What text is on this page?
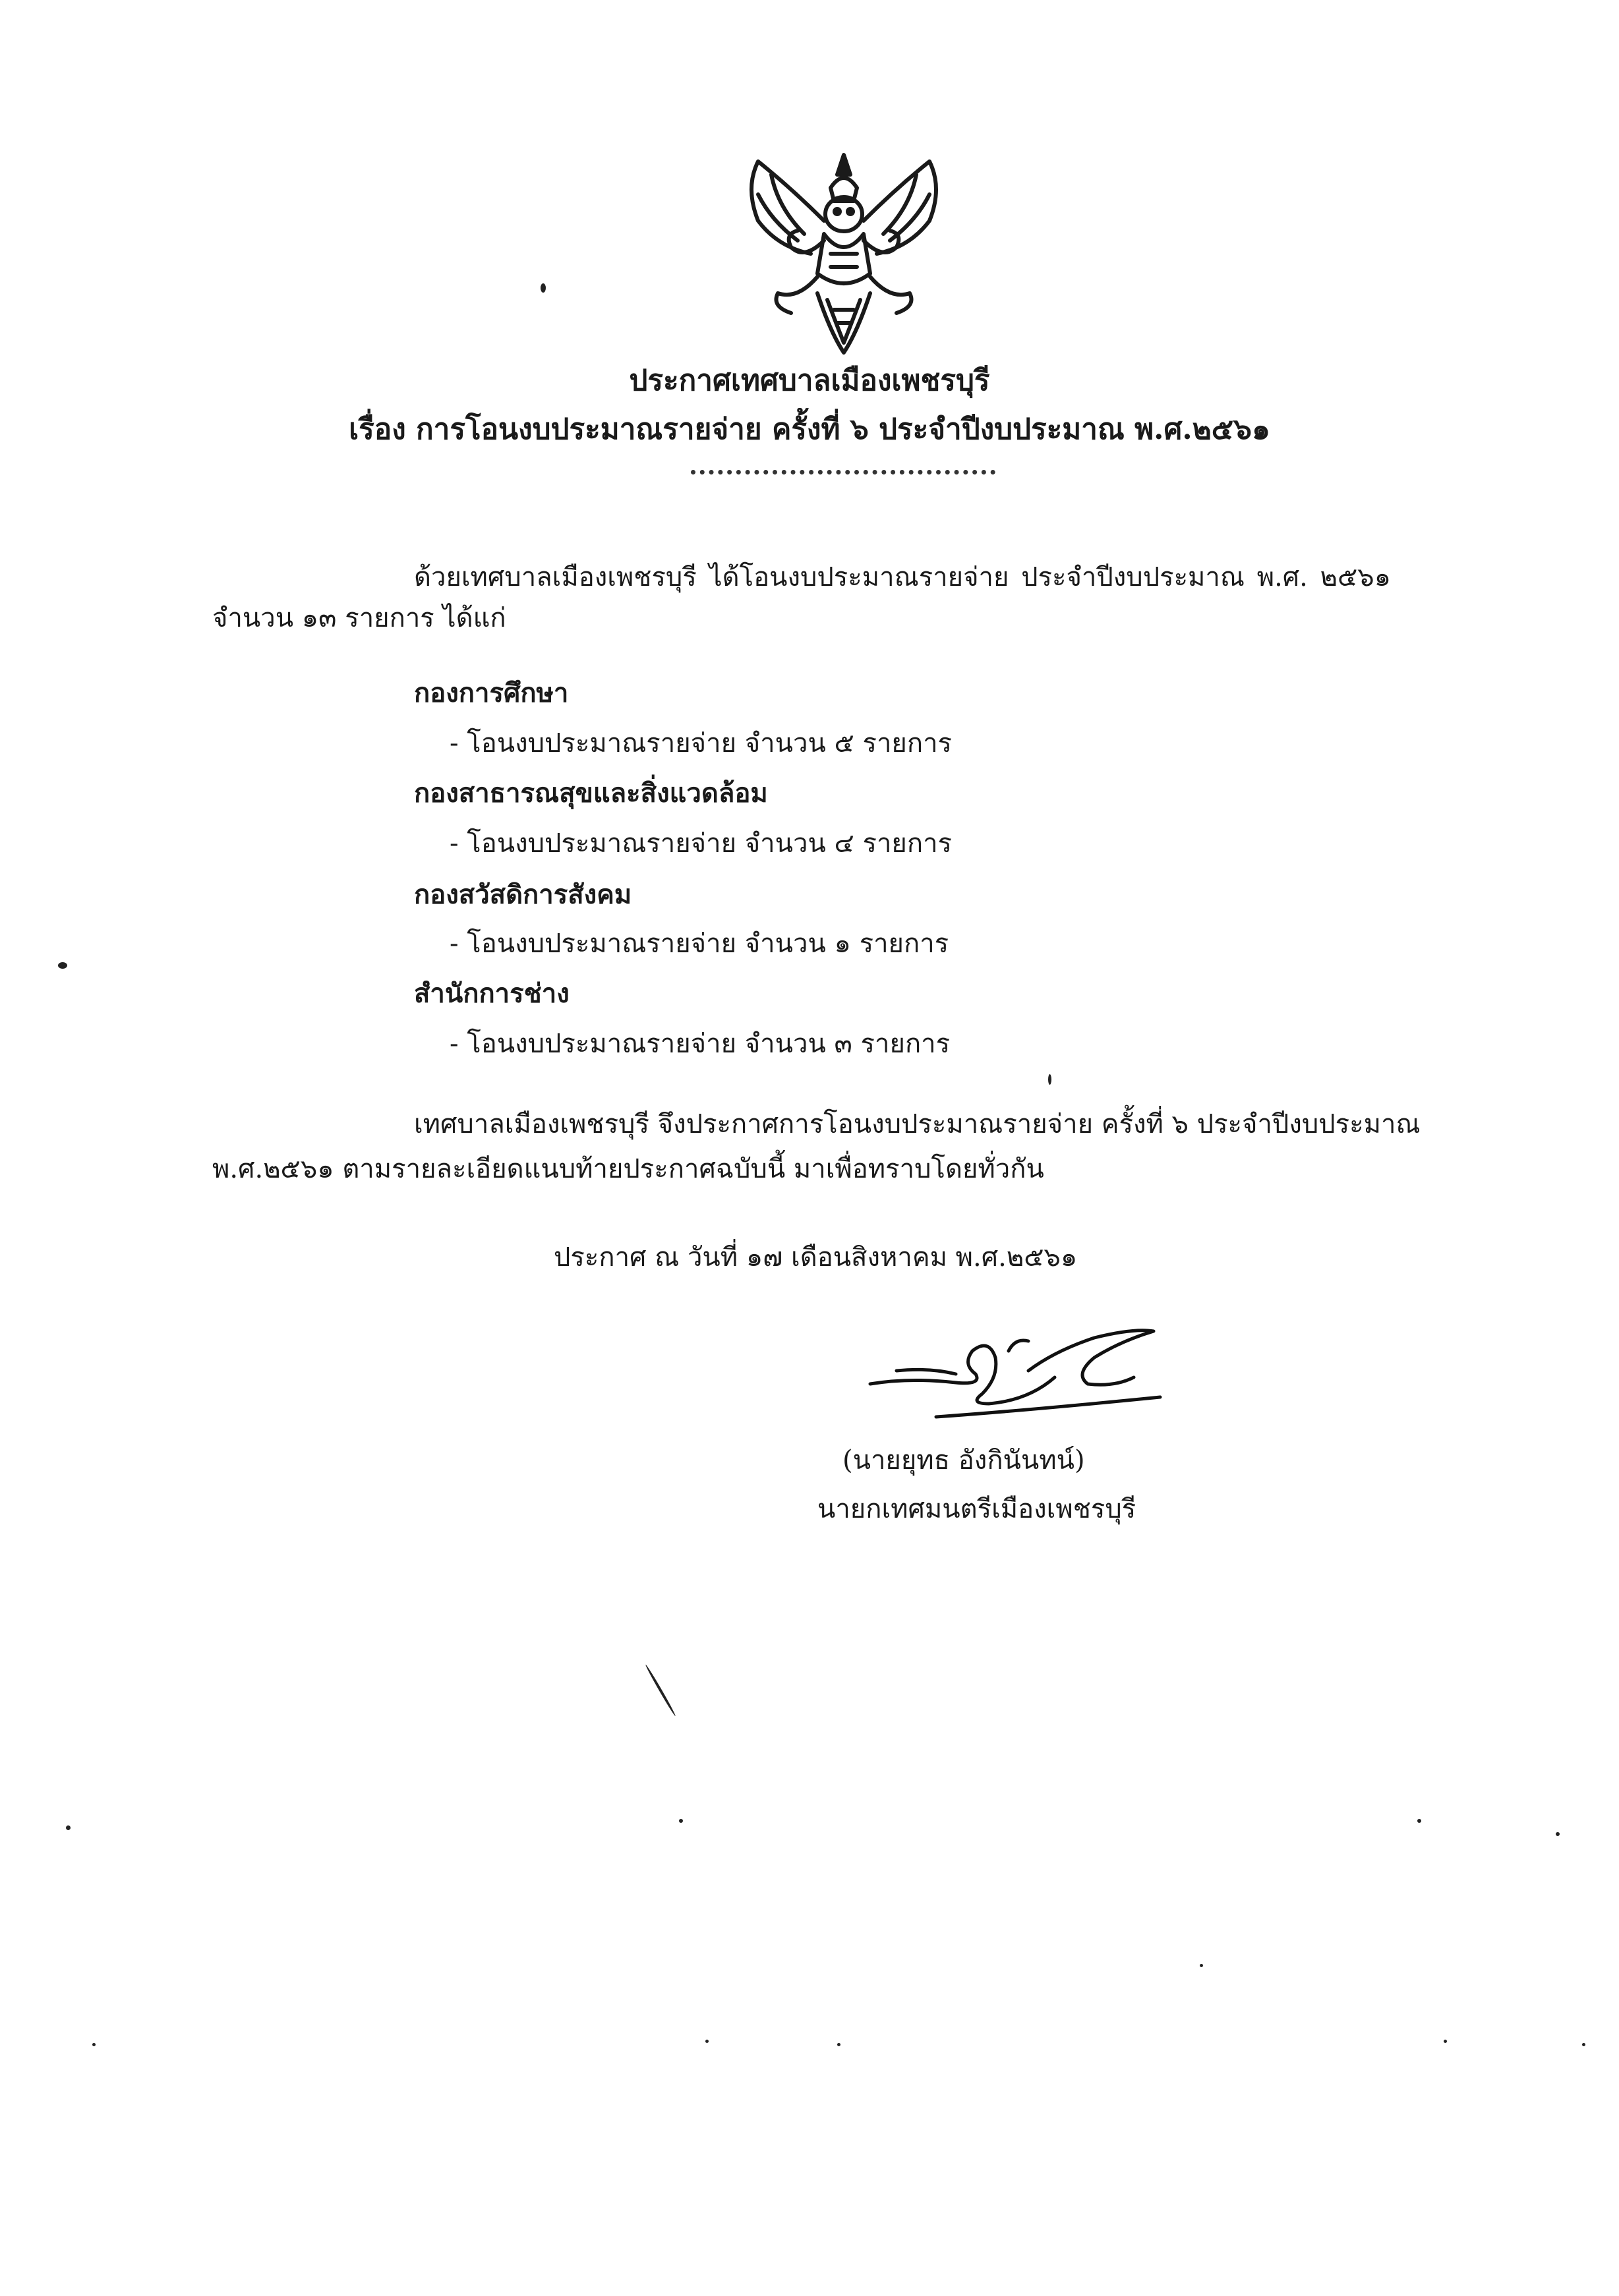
ประกาศเทศบาลเมืองเพชรบุรี
เรื่อง การโอนงบประมาณรายจ่าย ครั้งที่ ๖ ประจำปีงบประมาณ พ.ศ.๒๕๖๑
ด้วยเทศบาลเมืองเพชรบุรี ได้โอนงบประมาณรายจ่าย ประจำปีงบประมาณ พ.ศ. ๒๕๖๑
จำนวน ๑๓ รายการ ได้แก่
กองการศึกษา
- โอนงบประมาณรายจ่าย จำนวน ๕ รายการ
กองสาธารณสุขและสิ่งแวดล้อม
- โอนงบประมาณรายจ่าย จำนวน ๔ รายการ
กองสวัสดิการสังคม
- โอนงบประมาณรายจ่าย จำนวน ๑ รายการ
สำนักการช่าง
- โอนงบประมาณรายจ่าย จำนวน ๓ รายการ
เทศบาลเมืองเพชรบุรี จึงประกาศการโอนงบประมาณรายจ่าย ครั้งที่ ๖ ประจำปีงบประมาณ
พ.ศ.๒๕๖๑ ตามรายละเอียดแนบท้ายประกาศฉบับนี้ มาเพื่อทราบโดยทั่วกัน
ประกาศ ณ วันที่ ๑๗ เดือนสิงหาคม พ.ศ.๒๕๖๑
(นายยุทธ อังกินันทน์)
นายกเทศมนตรีเมืองเพชรบุรี
